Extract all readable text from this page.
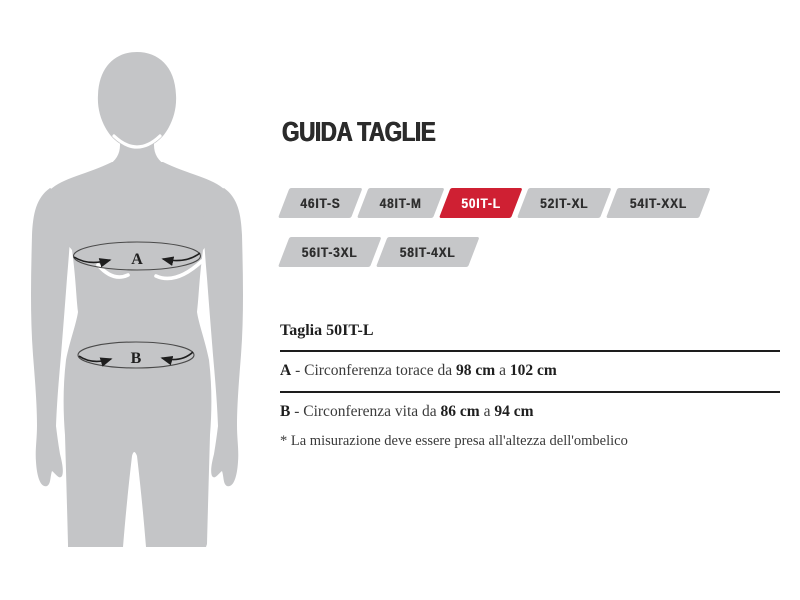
A
B
GUIDA TAGLIE
46IT-S	48IT-M	50IT-L	52IT-XL	54IT-XXL
56IT-3XL	58IT-4XL

Taglia 50IT-L

A - Circonferenza torace da 98 cm a 102 cm

B - Circonferenza vita da 86 cm a 94 cm

* La misurazione deve essere presa all'altezza dell'ombelico
